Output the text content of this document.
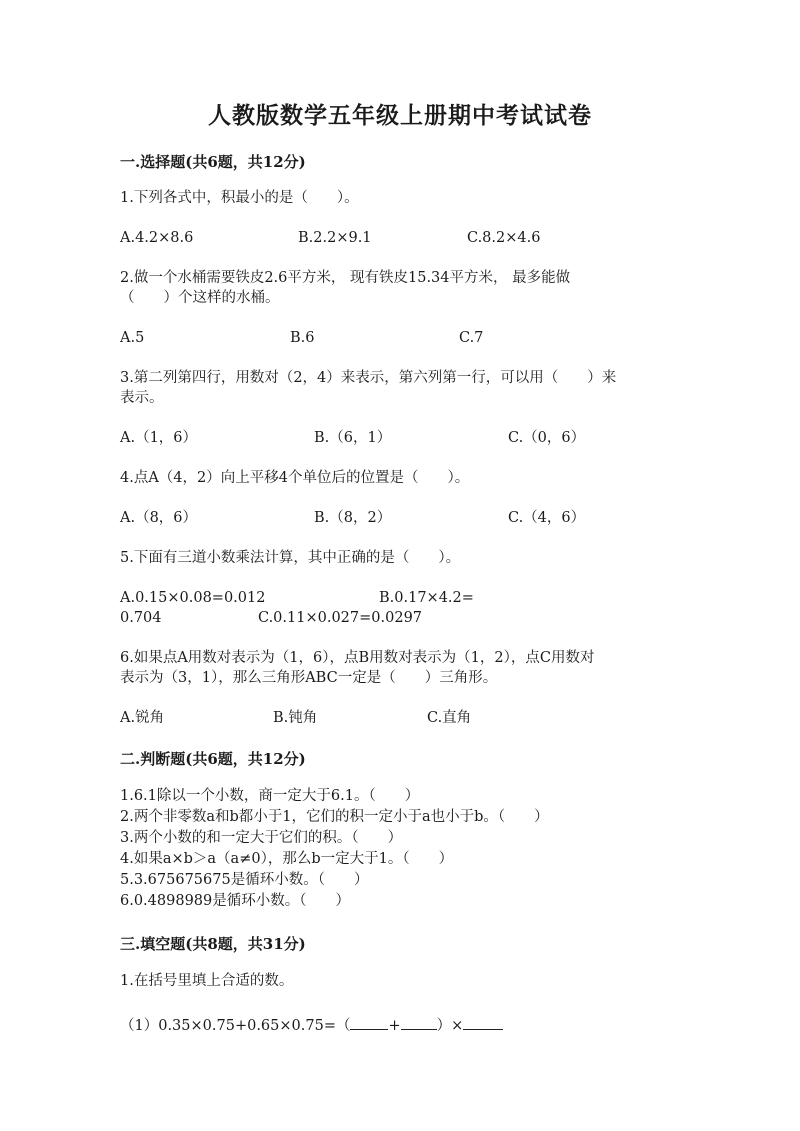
人教版数学五年级上册期中考试试卷
一.选择题(共6题，共12分)
1.下列各式中，积最小的是（　　）。
A.4.2×8.6	B.2.2×9.1	C.8.2×4.6
2.做一个水桶需要铁皮2.6平方米， 现有铁皮15.34平方米， 最多能做
（　　）个这样的水桶。
A.5	B.6	C.7
3.第二列第四行，用数对（2，4）来表示，第六列第一行，可以用（　　）来
表示。
A.（1，6）	B.（6，1）	C.（0，6）
4.点A（4，2）向上平移4个单位后的位置是（　　）。
A.（8，6）	B.（8，2）	C.（4，6）
5.下面有三道小数乘法计算，其中正确的是（　　）。
A.0.15×0.08=0.012	B.0.17×4.2=
0.704	C.0.11×0.027=0.0297
6.如果点A用数对表示为（1，6），点B用数对表示为（1，2），点C用数对
表示为（3，1），那么三角形ABC一定是（　　）三角形。
A.锐角	B.钝角	C.直角
二.判断题(共6题，共12分)
1.6.1除以一个小数，商一定大于6.1。（　　）
2.两个非零数a和b都小于1，它们的积一定小于a也小于b。（　　）
3.两个小数的和一定大于它们的积。（　　）
4.如果a×b＞a（a≠0），那么b一定大于1。（　　）
5.3.675675675是循环小数。（　　）
6.0.4898989是循环小数。（　　）
三.填空题(共8题，共31分)
1.在括号里填上合适的数。
（1）0.35×0.75+0.65×0.75=（	+ ）×
